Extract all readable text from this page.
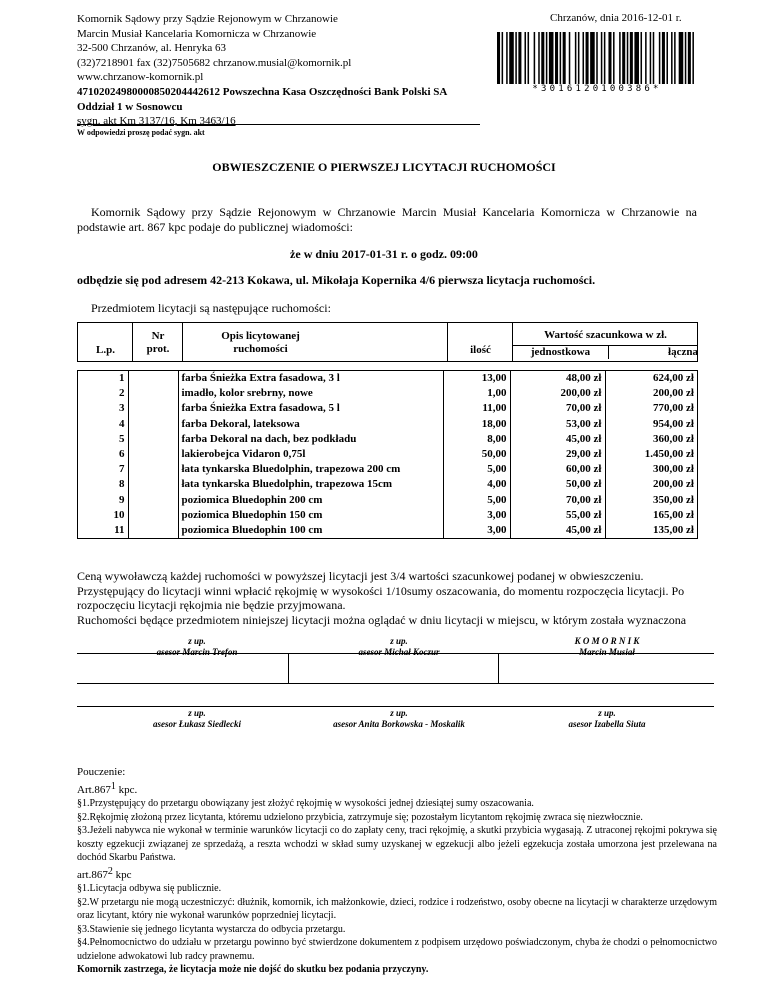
Komornik Sądowy przy Sądzie Rejonowym w Chrzanowie
Marcin Musiał Kancelaria Komornicza w Chrzanowie
32-500 Chrzanów, al. Henryka 63
(32)7218901 fax (32)7505682 chrzanow.musial@komornik.pl
www.chrzanow-komornik.pl
47102024980000850204442612 Powszechna Kasa Oszczędności Bank Polski SA
Oddział 1 w Sosnowcu
sygn. akt Km 3137/16, Km 3463/16
W odpowiedzi proszę podać sygn. akt
Chrzanów, dnia 2016-12-01 r.
*3016120100386*
OBWIESZCZENIE O PIERWSZEJ LICYTACJI RUCHOMOŚCI
Komornik Sądowy przy Sądzie Rejonowym w Chrzanowie Marcin Musiał Kancelaria Komornicza w Chrzanowie na podstawie art. 867 kpc podaje do publicznej wiadomości:
że w dniu 2017-01-31 r. o godz. 09:00
odbędzie się pod adresem 42-213 Kokawa, ul. Mikołaja Kopernika 4/6 pierwsza licytacja ruchomości.
Przedmiotem licytacji są następujące ruchomości:
L.p.
Nr
prot.
Opis licytowanej
ruchomości	ilość
Wartość szacunkowa w zł.
jednostkowa	łączna
1		farba Śnieżka Extra fasadowa, 3 l	13,00	48,00 zł	624,00 zł
2		imadło, kolor srebrny, nowe	1,00	200,00 zł	200,00 zł
3		farba Śnieżka Extra fasadowa, 5 l	11,00	70,00 zł	770,00 zł
4		farba Dekoral, lateksowa	18,00	53,00 zł	954,00 zł
5		farba Dekoral na dach, bez podkładu	8,00	45,00 zł	360,00 zł
6		lakierobejca Vidaron 0,75l	50,00	29,00 zł	1.450,00 zł
7		łata tynkarska Bluedolphin, trapezowa 200 cm	5,00	60,00 zł	300,00 zł
8		łata tynkarska Bluedolphin, trapezowa 15cm	4,00	50,00 zł	200,00 zł
9		poziomica Bluedophin 200 cm	5,00	70,00 zł	350,00 zł
10		poziomica Bluedophin 150 cm	3,00	55,00 zł	165,00 zł
11		poziomica Bluedophin 100 cm	3,00	45,00 zł	135,00 zł
Ceną wywoławczą każdej ruchomości w powyższej licytacji jest 3/4 wartości szacunkowej podanej w obwieszczeniu.
Przystępujący do licytacji winni wpłacić rękojmię w wysokości 1/10sumy oszacowania, do momentu rozpoczęcia licytacji. Po rozpoczęciu licytacji rękojmia nie będzie przyjmowana.
Ruchomości będące przedmiotem niniejszej licytacji można oglądać w dniu licytacji w miejscu, w którym została wyznaczona
z up.
asesor Marcin Trefon
z up.
asesor Michał Koczur
K O M O R N I K
Marcin Musiał
z up.
asesor Łukasz Siedlecki
z up.
asesor Anita Borkowska - Moskalik
z up.
asesor Izabella Siuta
Pouczenie:
Art.867$^1$ kpc.
§1.Przystępujący do przetargu obowiązany jest złożyć rękojmię w wysokości jednej dziesiątej sumy oszacowania.
§2.Rękojmię złożoną przez licytanta, któremu udzielono przybicia, zatrzymuje się; pozostałym licytantom rękojmię zwraca się niezwłocznie.
§3.Jeżeli nabywca nie wykonał w terminie warunków licytacji co do zapłaty ceny, traci rękojmię, a skutki przybicia wygasają. Z utraconej rękojmi pokrywa się koszty egzekucji związanej ze sprzedażą, a reszta wchodzi w skład sumy uzyskanej w egzekucji albo jeżeli egzekucja została umorzona jest przelewana na dochód Skarbu Państwa.
art.867$^2$ kpc
§1.Licytacja odbywa się publicznie.
§2.W przetargu nie mogą uczestniczyć: dłużnik, komornik, ich małżonkowie, dzieci, rodzice i rodzeństwo, osoby obecne na licytacji w charakterze urzędowym oraz licytant, który nie wykonał warunków poprzedniej licytacji.
§3.Stawienie się jednego licytanta wystarcza do odbycia przetargu.
§4.Pełnomocnictwo do udziału w przetargu powinno być stwierdzone dokumentem z podpisem urzędowo poświadczonym, chyba że chodzi o pełnomocnictwo udzielone adwokatowi lub radcy prawnemu.
Komornik zastrzega, że licytacja może nie dojść do skutku bez podania przyczyny.
